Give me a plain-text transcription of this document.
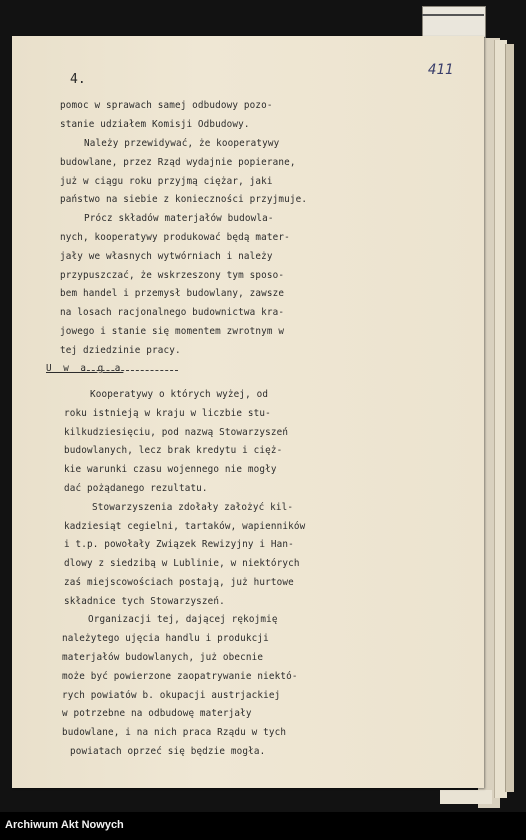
4.
411
pomoc w sprawach samej odbudowy pozo-
stanie udziałem Komisji Odbudowy.
Należy przewidywać, że kooperatywy
budowlane, przez Rząd wydajnie popierane,
już w ciągu roku przyjmą ciężar, jaki
państwo na siebie z konieczności przyjmuje.
Prócz składów materjałów budowla-
nych, kooperatywy produkować będą mater-
jały we własnych wytwórniach i należy
przypuszczać, że wskrzeszony tym sposo-
bem handel i przemysł budowlany, zawsze
na losach racjonalnego budownictwa kra-
jowego i stanie się momentem zwrotnym w
tej dziedzinie pracy.
U w a g a
Kooperatywy o których wyżej, od
roku istnieją w kraju w liczbie stu-
kilkudziesięciu, pod nazwą Stowarzyszeń
budowlanych, lecz brak kredytu i cięż-
kie warunki czasu wojennego nie mogły
dać pożądanego rezultatu.
Stowarzyszenia zdołały założyć kil-
kadziesiąt cegielni, tartaków, wapienników
i t.p. powołały Związek Rewizyjny i Han-
dlowy z siedzibą w Lublinie, w niektórych
zaś miejscowościach postają, już hurtowe
składnice tych Stowarzyszeń.
Organizacji tej, dającej rękojmię
należytego ujęcia handlu i produkcji
materjałów budowlanych, już obecnie
może być powierzone zaopatrywanie niektó-
rych powiatów b. okupacji austrjackiej
w potrzebne na odbudowę materjały
budowlane, i na nich praca Rządu w tych
powiatach oprzeć się będzie mogła.
Archiwum Akt Nowych
